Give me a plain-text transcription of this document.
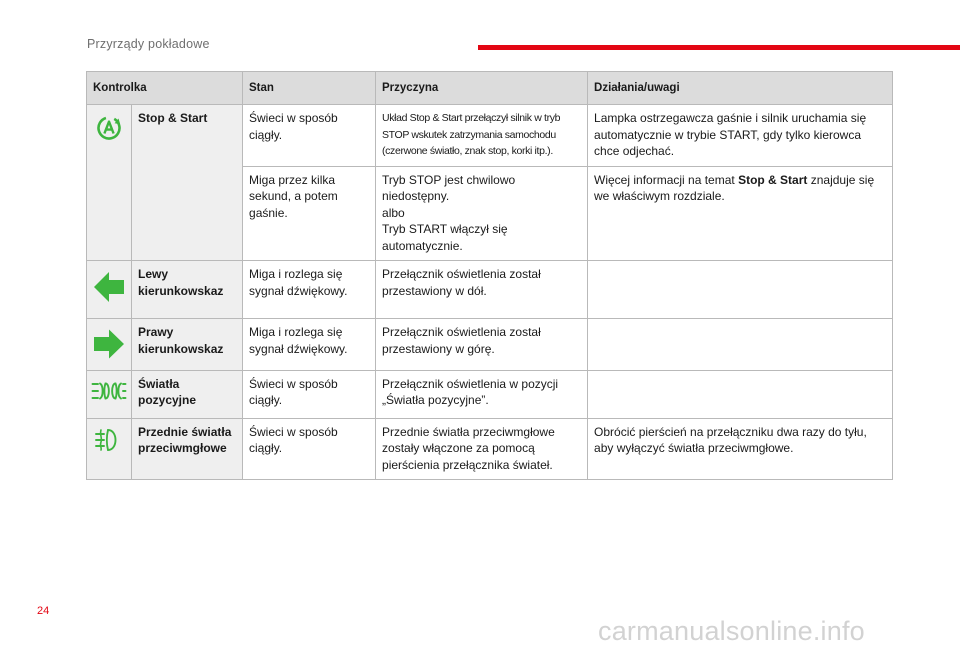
Przyrządy pokładowe
Kontrolka		Stan	Przyczyna	Działania/uwagi
	Stop & Start	Świeci w sposób ciągły.	Układ Stop & Start przełączył silnik w tryb STOP wskutek zatrzymania samochodu (czerwone światło, znak stop, korki itp.).	Lampka ostrzegawcza gaśnie i silnik uruchamia się automatycznie w trybie START, gdy tylko kierowca chce odjechać.
		Miga przez kilka sekund, a potem gaśnie.	Tryb STOP jest chwilowo niedostępny.
albo
Tryb START włączył się automatycznie.	Więcej informacji na temat Stop & Start znajduje się we właściwym rozdziale.
	Lewy kierunkowskaz	Miga i rozlega się sygnał dźwiękowy.	Przełącznik oświetlenia został przestawiony w dół.	
	Prawy kierunkowskaz	Miga i rozlega się sygnał dźwiękowy.	Przełącznik oświetlenia został przestawiony w górę.	
	Światła pozycyjne	Świeci w sposób ciągły.	Przełącznik oświetlenia w pozycji „Światła pozycyjne”.	
	Przednie światła przeciwmgłowe	Świeci w sposób ciągły.	Przednie światła przeciwmgłowe zostały włączone za pomocą pierścienia przełącznika świateł.	Obrócić pierścień na przełączniku dwa razy do tyłu, aby wyłączyć światła przeciwmgłowe.
24
carmanualsonline.info
